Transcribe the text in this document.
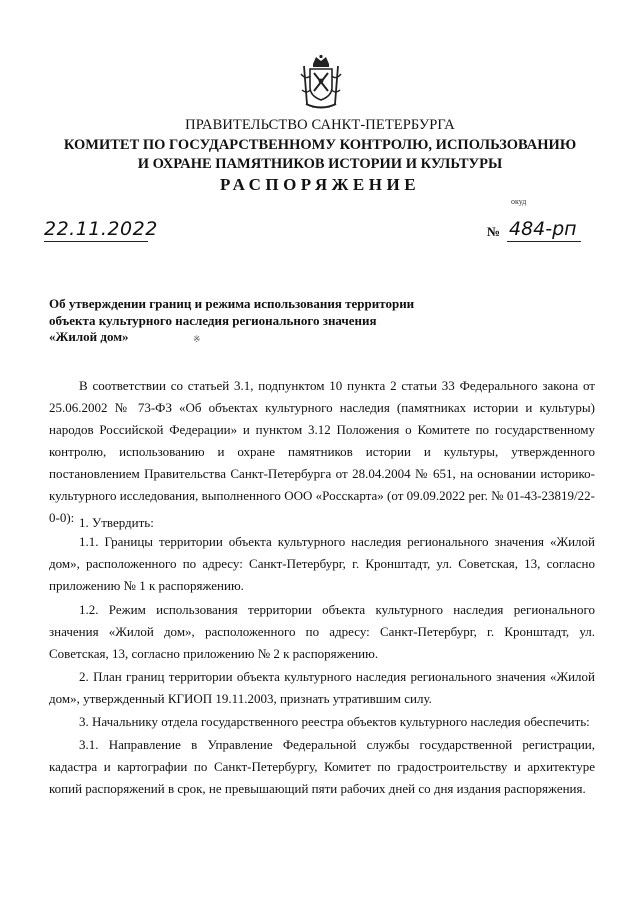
ПРАВИТЕЛЬСТВО САНКТ-ПЕТЕРБУРГА
КОМИТЕТ ПО ГОСУДАРСТВЕННОМУ КОНТРОЛЮ, ИСПОЛЬЗОВАНИЮ
И ОХРАНЕ ПАМЯТНИКОВ ИСТОРИИ И КУЛЬТУРЫ
РАСПОРЯЖЕНИЕ
окуд
22.11.2022	№ 484-рп
Об утверждении границ и режима использования территории
объекта культурного наследия регионального значения
«Жилой дом»	※
В соответствии со статьей 3.1, подпунктом 10 пункта 2 статьи 33 Федерального закона от 25.06.2002 № 73-ФЗ «Об объектах культурного наследия (памятниках истории и культуры) народов Российской Федерации» и пунктом 3.12 Положения о Комитете по государственному контролю, использованию и охране памятников истории и культуры, утвержденного постановлением Правительства Санкт-Петербурга от 28.04.2004 № 651, на основании историко-культурного исследования, выполненного ООО «Росскарта» (от 09.09.2022 рег. № 01-43-23819/22-0-0): 1. Утвердить:
1.1. Границы территории объекта культурного наследия регионального значения «Жилой дом», расположенного по адресу: Санкт-Петербург, г. Кронштадт, ул. Советская, 13, согласно приложению № 1 к распоряжению.
1.2. Режим использования территории объекта культурного наследия регионального значения «Жилой дом», расположенного по адресу: Санкт-Петербург, г. Кронштадт, ул. Советская, 13, согласно приложению № 2 к распоряжению.
2. План границ территории объекта культурного наследия регионального значения «Жилой дом», утвержденный КГИОП 19.11.2003, признать утратившим силу.
3. Начальнику отдела государственного реестра объектов культурного наследия обеспечить:
3.1. Направление в Управление Федеральной службы государственной регистрации, кадастра и картографии по Санкт-Петербургу, Комитет по градостроительству и архитектуре копий распоряжений в срок, не превышающий пяти рабочих дней со дня издания распоряжения.
